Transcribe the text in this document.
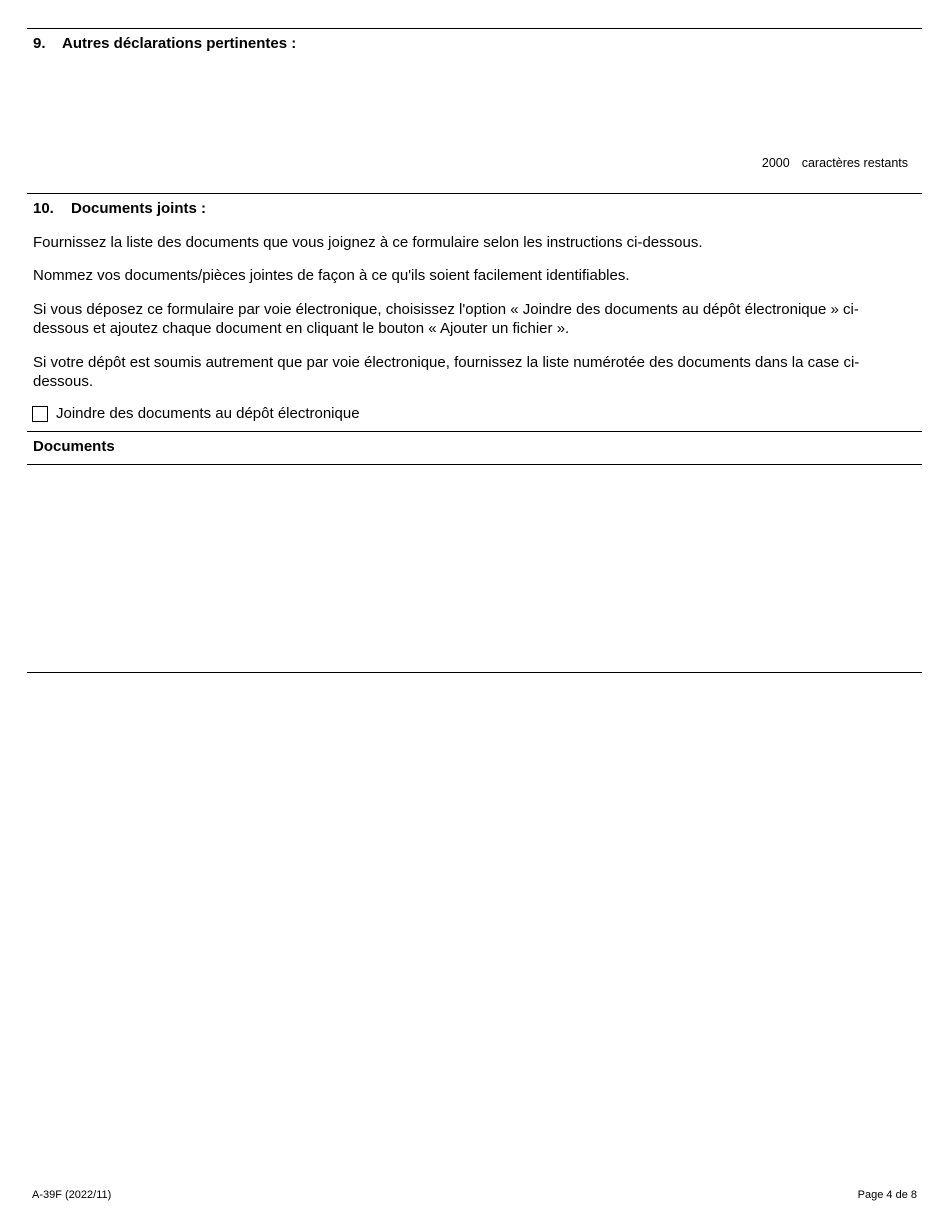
9. Autres déclarations pertinentes :
2000 caractères restants
10. Documents joints :
Fournissez la liste des documents que vous joignez à ce formulaire selon les instructions ci-dessous.
Nommez vos documents/pièces jointes de façon à ce qu'ils soient facilement identifiables.
Si vous déposez ce formulaire par voie électronique, choisissez l'option « Joindre des documents au dépôt électronique » ci-dessous et ajoutez chaque document en cliquant le bouton « Ajouter un fichier ».
Si votre dépôt est soumis autrement que par voie électronique, fournissez la liste numérotée des documents dans la case ci-dessous.
Joindre des documents au dépôt électronique
Documents
A-39F (2022/11)	Page 4 de 8
